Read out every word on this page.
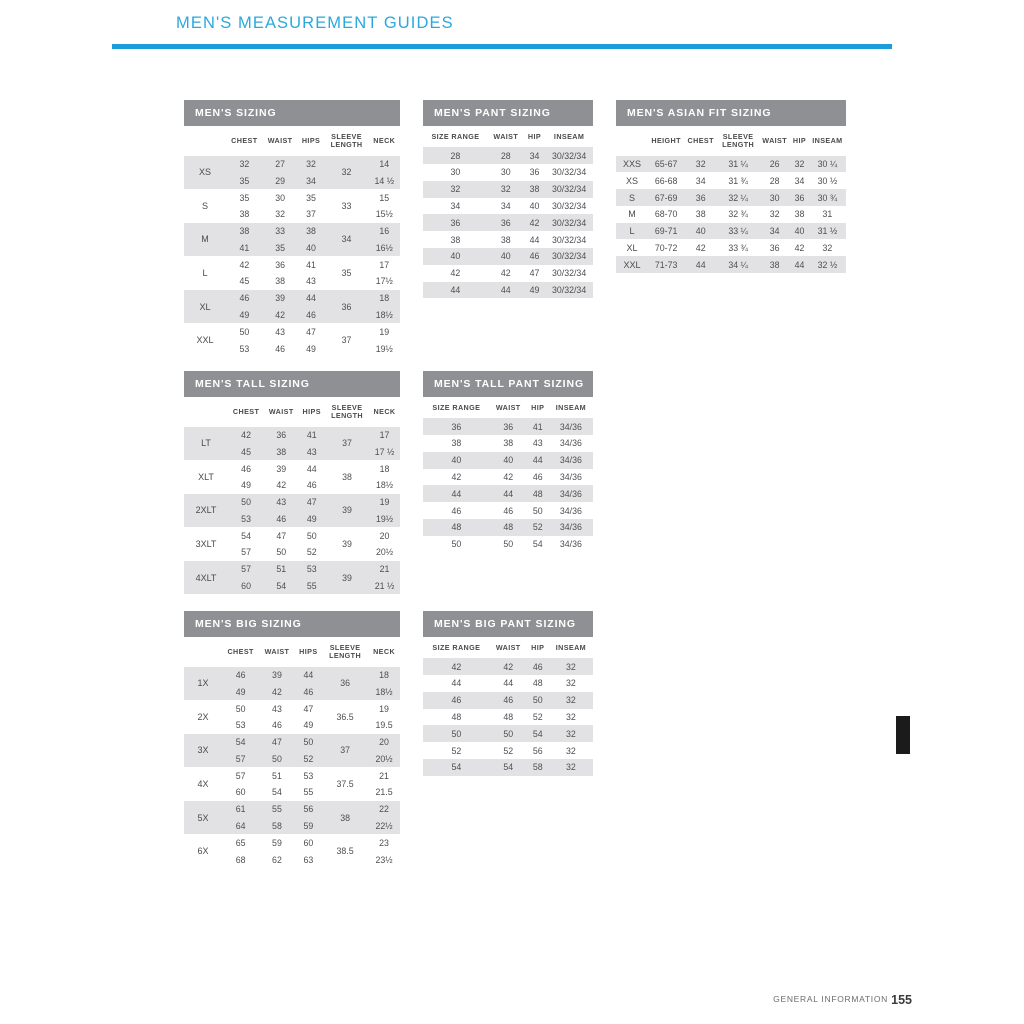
MEN'S MEASUREMENT GUIDES
MEN'S SIZING
	CHEST	WAIST	HIPS	SLEEVE LENGTH	NECK
XS	32	27	32	32	14
	35	29	34		14 ½
S	35	30	35	33	15
	38	32	37		15½
M	38	33	38	34	16
	41	35	40		16½
L	42	36	41	35	17
	45	38	43		17½
XL	46	39	44	36	18
	49	42	46		18½
XXL	50	43	47	37	19
	53	46	49		19½
MEN'S PANT SIZING
SIZE RANGE	WAIST	HIP	INSEAM
28	28	34	30/32/34
30	30	36	30/32/34
32	32	38	30/32/34
34	34	40	30/32/34
36	36	42	30/32/34
38	38	44	30/32/34
40	40	46	30/32/34
42	42	47	30/32/34
44	44	49	30/32/34
MEN'S ASIAN FIT SIZING
	HEIGHT	CHEST	SLEEVE LENGTH	WAIST	HIP	INSEAM
XXS	65-67	32	31 ¼	26	32	30 ¼
XS	66-68	34	31 ¾	28	34	30 ½
S	67-69	36	32 ¼	30	36	30 ¾
M	68-70	38	32 ¾	32	38	31
L	69-71	40	33 ¼	34	40	31 ½
XL	70-72	42	33 ¾	36	42	32
XXL	71-73	44	34 ¼	38	44	32 ½
MEN'S TALL SIZING
	CHEST	WAIST	HIPS	SLEEVE LENGTH	NECK
LT	42	36	41	37	17
	45	38	43		17 ½
XLT	46	39	44	38	18
	49	42	46		18½
2XLT	50	43	47	39	19
	53	46	49		19½
3XLT	54	47	50	39	20
	57	50	52		20½
4XLT	57	51	53	39	21
	60	54	55		21 ½
MEN'S TALL PANT SIZING
SIZE RANGE	WAIST	HIP	INSEAM
36	36	41	34/36
38	38	43	34/36
40	40	44	34/36
42	42	46	34/36
44	44	48	34/36
46	46	50	34/36
48	48	52	34/36
50	50	54	34/36
MEN'S BIG SIZING
	CHEST	WAIST	HIPS	SLEEVE LENGTH	NECK
1X	46	39	44	36	18
	49	42	46		18½
2X	50	43	47	36.5	19
	53	46	49		19.5
3X	54	47	50	37	20
	57	50	52		20½
4X	57	51	53	37.5	21
	60	54	55		21.5
5X	61	55	56	38	22
	64	58	59		22½
6X	65	59	60	38.5	23
	68	62	63		23½
MEN'S BIG PANT SIZING
SIZE RANGE	WAIST	HIP	INSEAM
42	42	46	32
44	44	48	32
46	46	50	32
48	48	52	32
50	50	54	32
52	52	56	32
54	54	58	32
GENERAL INFORMATION 155
